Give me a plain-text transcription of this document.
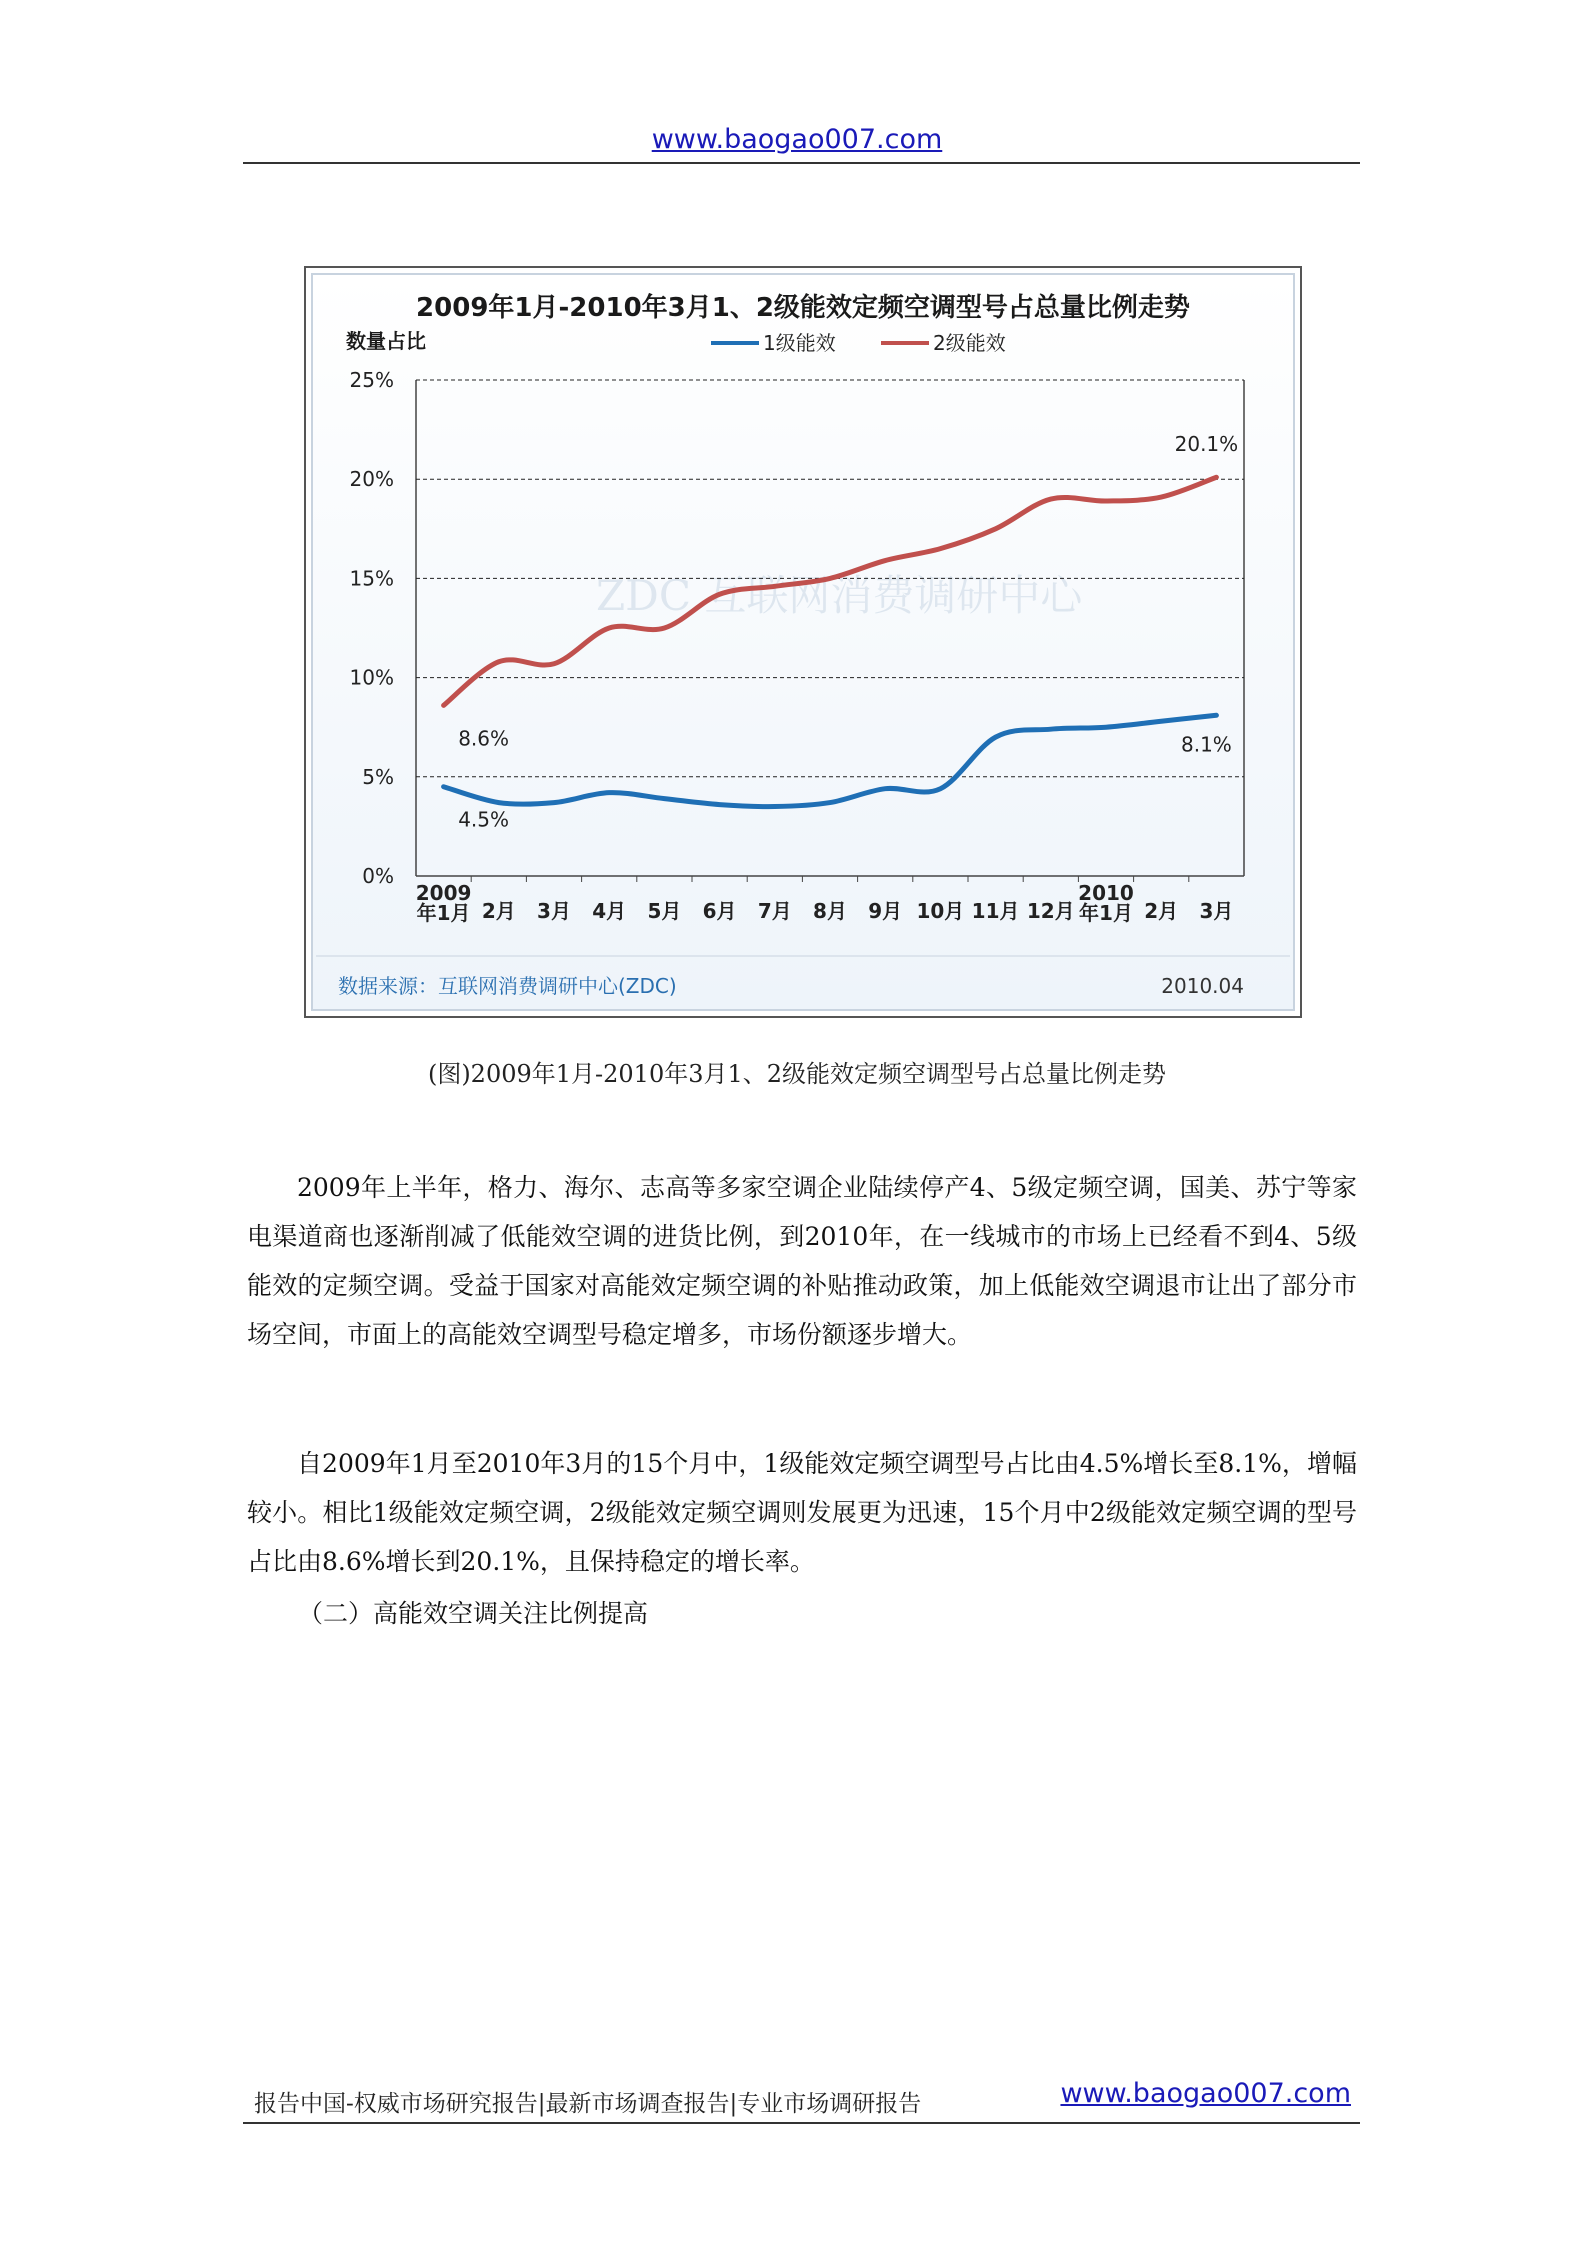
www.baogao007.com
2009年1月-2010年3月1、2级能效定频空调型号占总量比例走势
数量占比	1级能效	2级能效
ZDC 互联网消费调研中心
0%
5%
10%
15%
20%
25%
2009 年1月 2月 3月 4月 5月 6月 7月 8月 9月 10月 11月 12月
2010 年1月 2月 3月
4.5%
8.1%
8.6%
20.1%
数据来源：互联网消费调研中心(ZDC)	2010.04
(图)2009年1月-2010年3月1、2级能效定频空调型号占总量比例走势

2009年上半年，格力、海尔、志高等多家空调企业陆续停产4、5级定频空调，国美、苏宁等家电渠道商也逐渐削减了低能效空调的进货比例，到2010年，在一线城市的市场上已经看不到4、5级能效的定频空调。受益于国家对高能效定频空调的补贴推动政策，加上低能效空调退市让出了部分市场空间，市面上的高能效空调型号稳定增多，市场份额逐步增大。

自2009年1月至2010年3月的15个月中，1级能效定频空调型号占比由4.5%增长至8.1%，增幅较小。相比1级能效定频空调，2级能效定频空调则发展更为迅速，15个月中2级能效定频空调的型号占比由8.6%增长到20.1%，且保持稳定的增长率。

（二）高能效空调关注比例提高
报告中国-权威市场研究报告|最新市场调查报告|专业市场调研报告	www.baogao007.com
